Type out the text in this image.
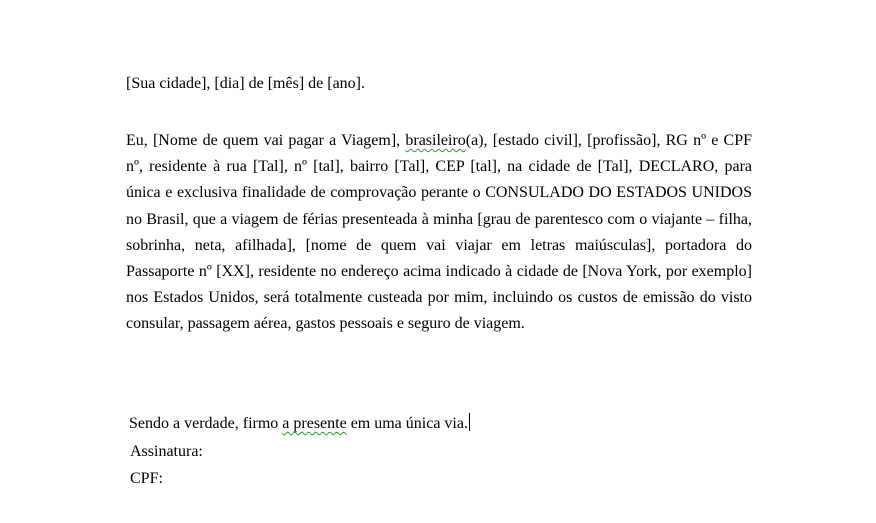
[Sua cidade], [dia] de [mês] de [ano].

Eu, [Nome de quem vai pagar a Viagem], brasileiro(a), [estado civil], [profissão], RG nº e CPF nº, residente à rua [Tal], nº [tal], bairro [Tal], CEP [tal], na cidade de [Tal], DECLARO, para única e exclusiva finalidade de comprovação perante o CONSULADO DO ESTADOS UNIDOS no Brasil, que a viagem de férias presenteada à minha [grau de parentesco com o viajante – filha, sobrinha, neta, afilhada], [nome de quem vai viajar em letras maiúsculas], portadora do Passaporte nº [XX], residente no endereço acima indicado à cidade de [Nova York, por exemplo] nos Estados Unidos, será totalmente custeada por mim, incluindo os custos de emissão do visto consular, passagem aérea, gastos pessoais e seguro de viagem.

Sendo a verdade, firmo a presente em uma única via.
Assinatura:
CPF:
